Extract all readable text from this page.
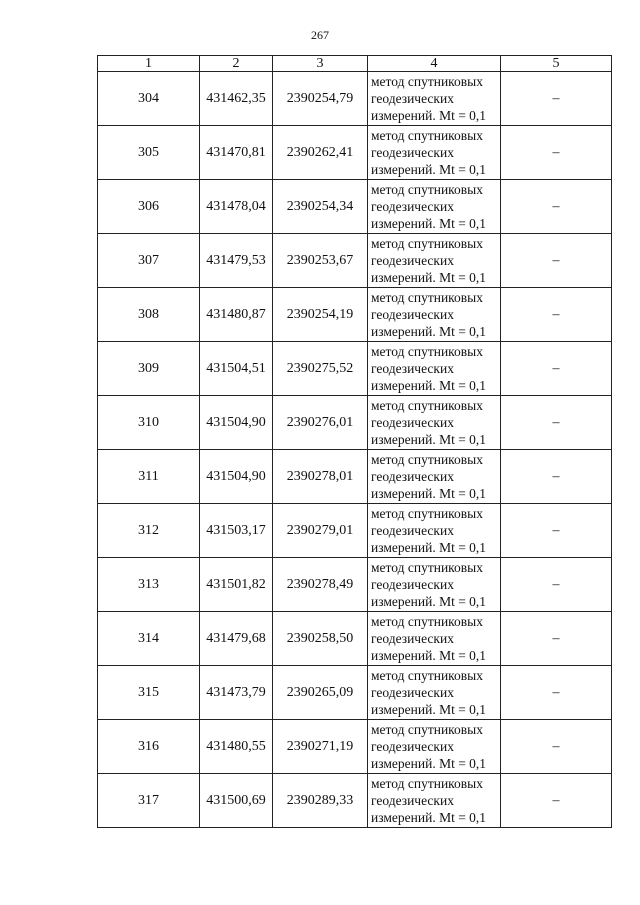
267
1	2	3	4	5
304	431462,35	2390254,79	метод спутниковых геодезических измерений. Mt = 0,1	–
305	431470,81	2390262,41	метод спутниковых геодезических измерений. Mt = 0,1	–
306	431478,04	2390254,34	метод спутниковых геодезических измерений. Mt = 0,1	–
307	431479,53	2390253,67	метод спутниковых геодезических измерений. Mt = 0,1	–
308	431480,87	2390254,19	метод спутниковых геодезических измерений. Mt = 0,1	–
309	431504,51	2390275,52	метод спутниковых геодезических измерений. Mt = 0,1	–
310	431504,90	2390276,01	метод спутниковых геодезических измерений. Mt = 0,1	–
311	431504,90	2390278,01	метод спутниковых геодезических измерений. Mt = 0,1	–
312	431503,17	2390279,01	метод спутниковых геодезических измерений. Mt = 0,1	–
313	431501,82	2390278,49	метод спутниковых геодезических измерений. Mt = 0,1	–
314	431479,68	2390258,50	метод спутниковых геодезических измерений. Mt = 0,1	–
315	431473,79	2390265,09	метод спутниковых геодезических измерений. Mt = 0,1	–
316	431480,55	2390271,19	метод спутниковых геодезических измерений. Mt = 0,1	–
317	431500,69	2390289,33	метод спутниковых геодезических измерений. Mt = 0,1	–
